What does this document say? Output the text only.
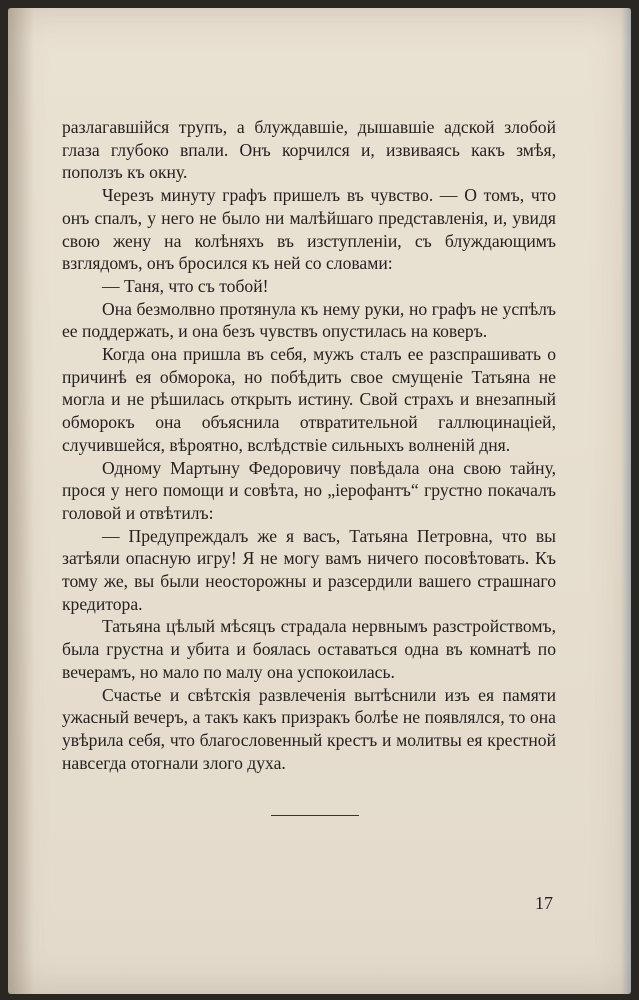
разлагавшійся трупъ, а блуждавшіе, дышавшіе адской злобой глаза глубоко впали. Онъ корчился и, извиваясь какъ змѣя, поползъ къ окну.

Черезъ минуту графъ пришелъ въ чувство. — О томъ, что онъ спалъ, у него не было ни малѣйшаго представленія, и, увидя свою жену на колѣняхъ въ изступленіи, съ блуждающимъ взглядомъ, онъ бросился къ ней со словами:

— Таня, что съ тобой!

Она безмолвно протянула къ нему руки, но графъ не успѣлъ ее поддержать, и она безъ чувствъ опустилась на коверъ.

Когда она пришла въ себя, мужъ сталъ ее разспрашивать о причинѣ ея обморока, но побѣдить свое смущеніе Татьяна не могла и не рѣшилась открыть истину. Свой страхъ и внезапный обморокъ она объяснила отвратительной галлюцинаціей, случившейся, вѣроятно, вслѣдствіе сильныхъ волненій дня.

Одному Мартыну Федоровичу повѣдала она свою тайну, прося у него помощи и совѣта, но „іерофантъ“ грустно покачалъ головой и отвѣтилъ:

— Предупреждалъ же я васъ, Татьяна Петровна, что вы затѣяли опасную игру! Я не могу вамъ ничего посовѣтовать. Къ тому же, вы были неосторожны и разсердили вашего страшнаго кредитора.

Татьяна цѣлый мѣсяцъ страдала нервнымъ разстройствомъ, была грустна и убита и боялась оставаться одна въ комнатѣ по вечерамъ, но мало по малу она успокоилась.

Счастье и свѣтскія развлеченія вытѣснили изъ ея памяти ужасный вечеръ, а такъ какъ призракъ болѣе не появлялся, то она увѣрила себя, что благословенный крестъ и молитвы ея крестной навсегда отогнали злого духа.

17
